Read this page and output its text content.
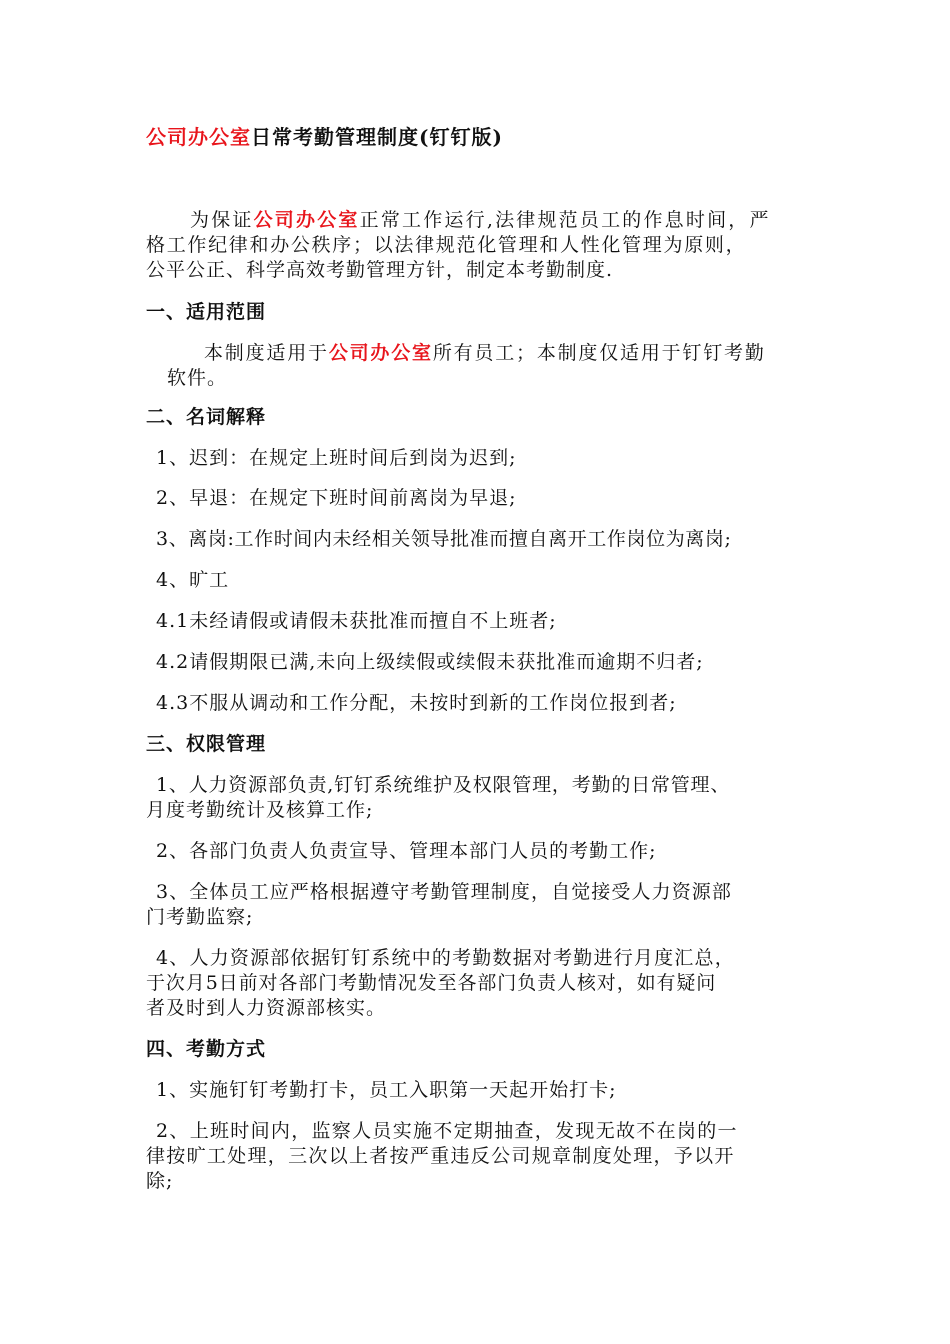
公司办公室日常考勤管理制度(钉钉版)
为保证公司办公室正常工作运行,法律规范员工的作息时间，严
格工作纪律和办公秩序；以法律规范化管理和人性化管理为原则，
公平公正、科学高效考勤管理方针，制定本考勤制度.
一、适用范围
本制度适用于公司办公室所有员工；本制度仅适用于钉钉考勤
软件。
二、名词解释
1、迟到：在规定上班时间后到岗为迟到;
2、早退：在规定下班时间前离岗为早退;
3、离岗:工作时间内未经相关领导批准而擅自离开工作岗位为离岗;
4、旷工
4.1未经请假或请假未获批准而擅自不上班者;
4.2请假期限已满,未向上级续假或续假未获批准而逾期不归者;
4.3不服从调动和工作分配，未按时到新的工作岗位报到者;
三、权限管理
1、人力资源部负责,钉钉系统维护及权限管理，考勤的日常管理、
月度考勤统计及核算工作;
2、各部门负责人负责宣导、管理本部门人员的考勤工作;
3、全体员工应严格根据遵守考勤管理制度，自觉接受人力资源部
门考勤监察;
4、人力资源部依据钉钉系统中的考勤数据对考勤进行月度汇总，
于次月5日前对各部门考勤情况发至各部门负责人核对，如有疑问
者及时到人力资源部核实。
四、考勤方式
1、实施钉钉考勤打卡，员工入职第一天起开始打卡;
2、上班时间内，监察人员实施不定期抽查，发现无故不在岗的一
律按旷工处理，三次以上者按严重违反公司规章制度处理，予以开
除;
